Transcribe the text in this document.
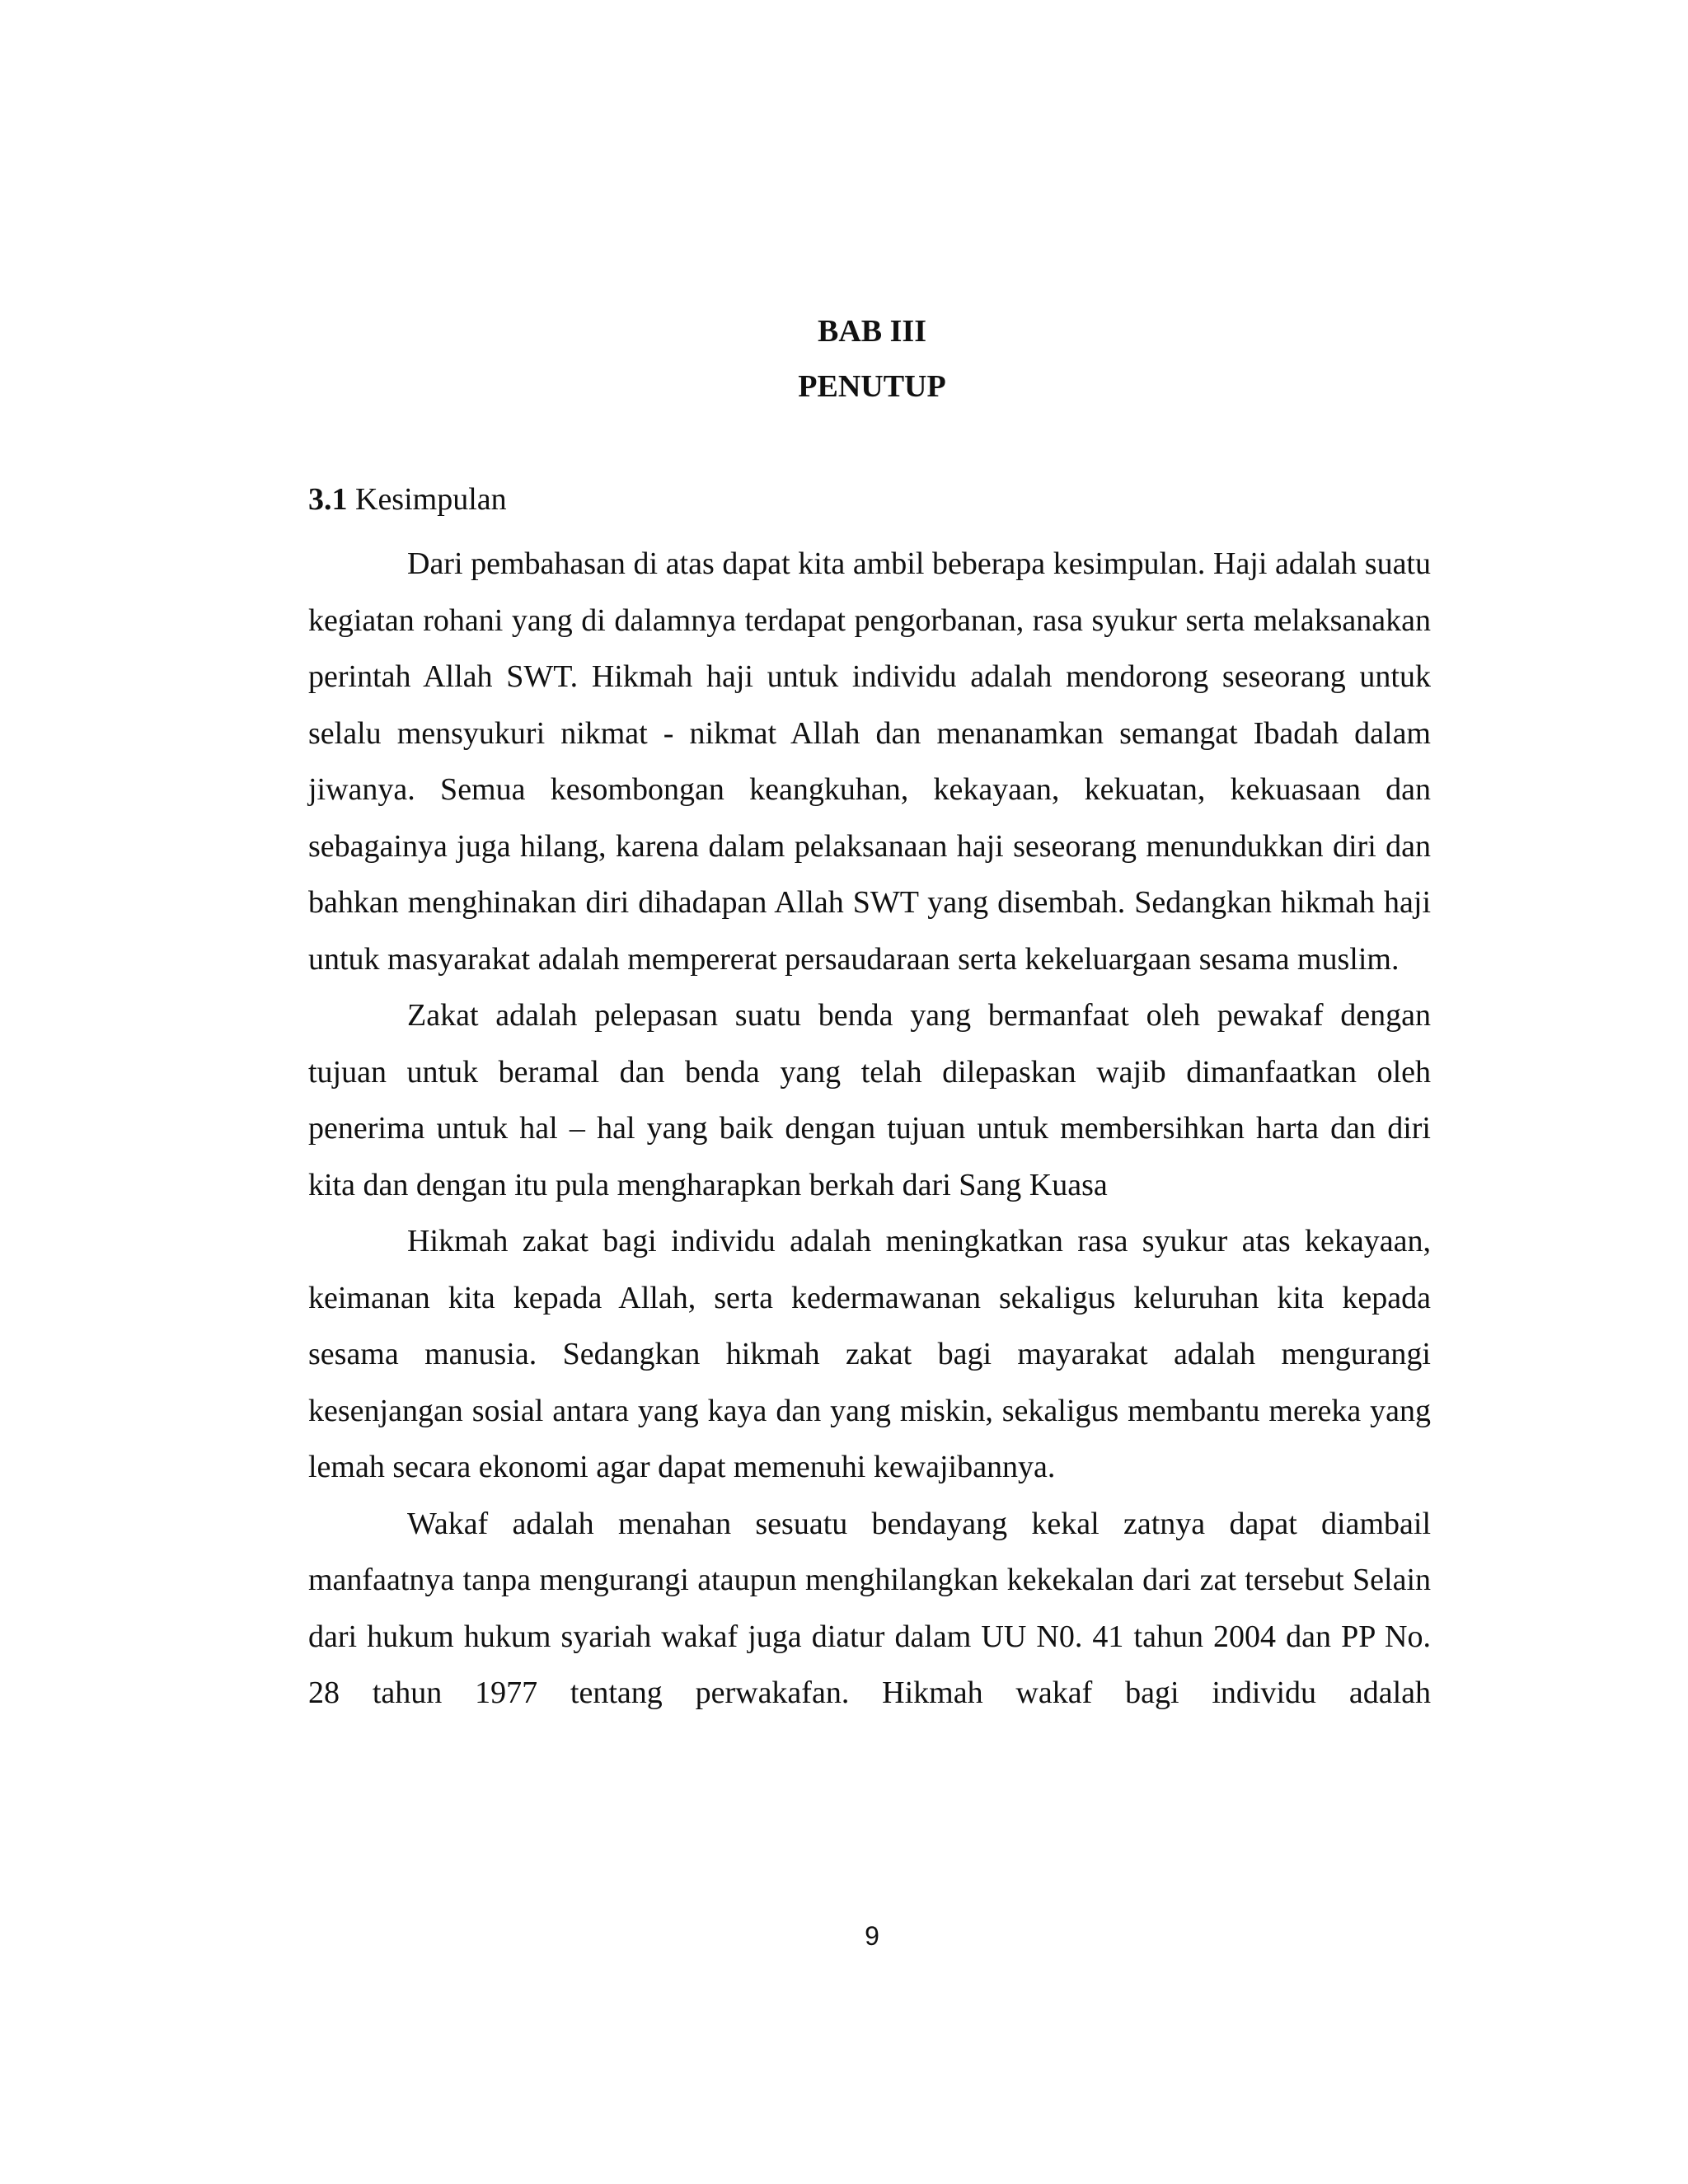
BAB III
PENUTUP
3.1 Kesimpulan

Dari pembahasan di atas dapat kita ambil beberapa kesimpulan. Haji adalah suatu kegiatan rohani yang di dalamnya terdapat pengorbanan, rasa syukur serta melaksanakan perintah Allah SWT. Hikmah haji untuk individu adalah mendorong seseorang untuk selalu mensyukuri nikmat - nikmat Allah dan menanamkan semangat Ibadah dalam jiwanya. Semua kesombongan keangkuhan, kekayaan, kekuatan, kekuasaan dan sebagainya juga hilang, karena dalam pelaksanaan haji seseorang menundukkan diri dan bahkan menghinakan diri dihadapan Allah SWT yang disembah. Sedangkan hikmah haji untuk masyarakat adalah mempererat persaudaraan serta kekeluargaan sesama muslim.

Zakat adalah pelepasan suatu benda yang bermanfaat oleh pewakaf dengan tujuan untuk beramal dan benda yang telah dilepaskan wajib dimanfaatkan oleh penerima untuk hal – hal yang baik dengan tujuan untuk membersihkan harta dan diri kita dan dengan itu pula mengharapkan berkah dari Sang Kuasa

Hikmah zakat bagi individu adalah meningkatkan rasa syukur atas kekayaan, keimanan kita kepada Allah, serta kedermawanan sekaligus keluruhan kita kepada sesama manusia. Sedangkan hikmah zakat bagi mayarakat adalah mengurangi kesenjangan sosial antara yang kaya dan yang miskin, sekaligus membantu mereka yang lemah secara ekonomi agar dapat memenuhi kewajibannya.

Wakaf adalah menahan sesuatu bendayang kekal zatnya dapat diambail manfaatnya tanpa mengurangi ataupun menghilangkan kekekalan dari zat tersebut Selain dari hukum hukum syariah wakaf juga diatur dalam UU N0. 41 tahun 2004 dan PP No. 28 tahun 1977 tentang perwakafan. Hikmah wakaf bagi individu adalah

9
